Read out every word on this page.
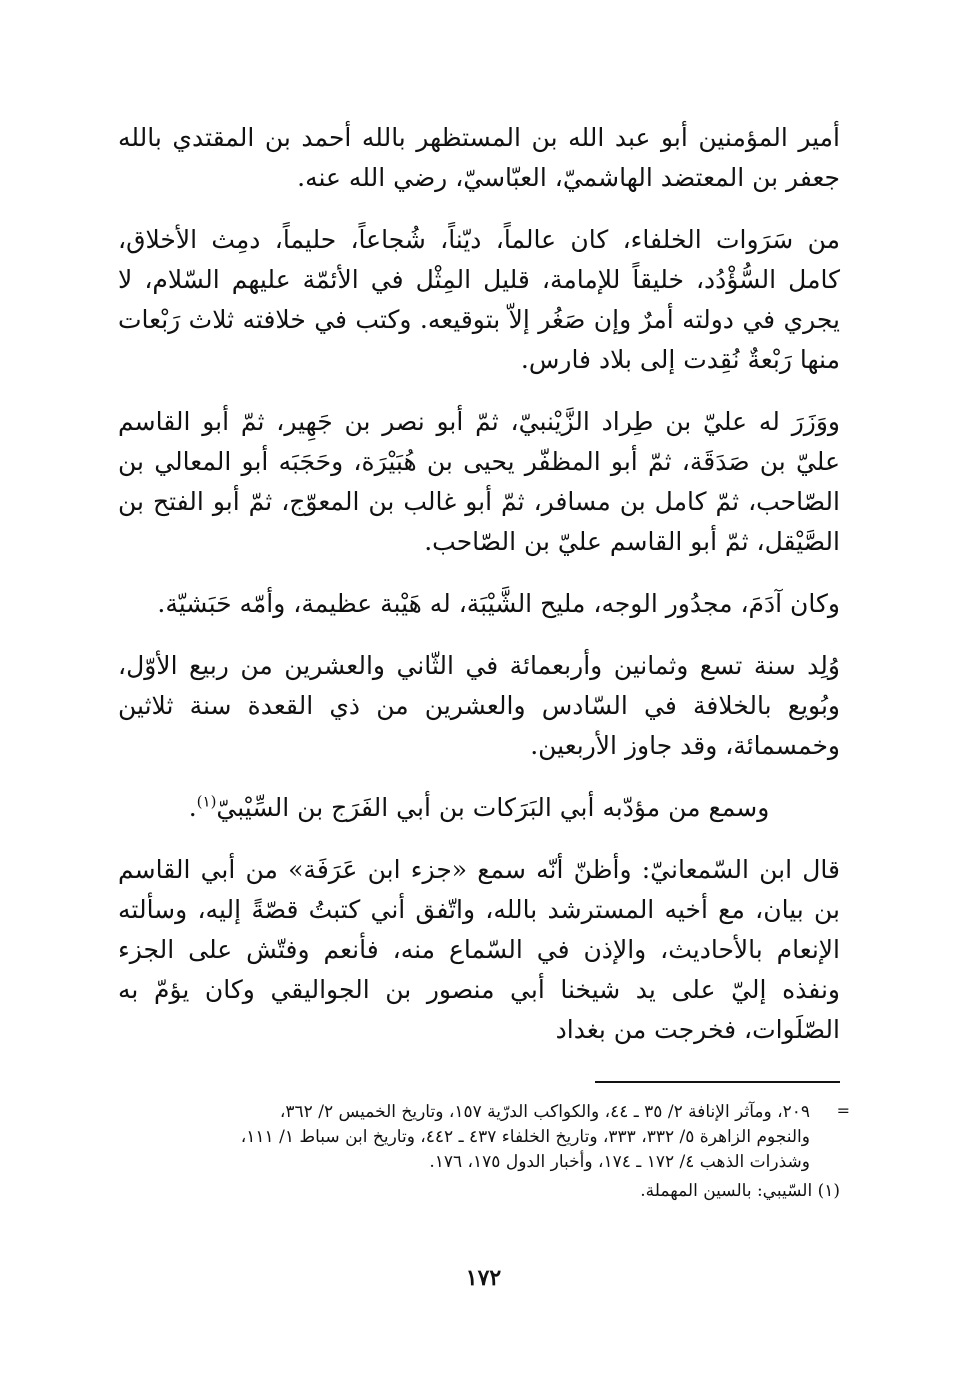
أمير المؤمنين أبو عبد الله بن المستظهر بالله أحمد بن المقتدي بالله جعفر بن المعتضد الهاشميّ، العبّاسيّ، رضي الله عنه.

من سَرَوات الخلفاء، كان عالماً، ديّناً، شُجاعاً، حليماً، دمِث الأخلاق، كامل السُّؤْدُد، خليقاً للإمامة، قليل المِثْل في الأئمّة عليهم السّلام، لا يجري في دولته أمرٌ وإن صَغُر إلاّ بتوقيعه. وكتب في خلافته ثلاث رَبْعات منها رَبْعةٌ نُقِدت إلى بلاد فارس.

ووَزَرَ له عليّ بن طِراد الزَّيْنبيّ، ثمّ أبو نصر بن جَهِير، ثمّ أبو القاسم عليّ بن صَدَقَة، ثمّ أبو المظفّر يحيى بن هُبَيْرَة، وحَجَبَه أبو المعالي بن الصّاحب، ثمّ كامل بن مسافر، ثمّ أبو غالب بن المعوّج، ثمّ أبو الفتح بن الصَّيْقل، ثمّ أبو القاسم عليّ بن الصّاحب.

وكان آدَمَ، مجدُور الوجه، مليح الشَّيْبَة، له هَيْبة عظيمة، وأمّه حَبَشيّة.

وُلِد سنة تسع وثمانين وأربعمائة في الثّاني والعشرين من ربيع الأوّل، وبُويع بالخلافة في السّادس والعشرين من ذي القعدة سنة ثلاثين وخمسمائة، وقد جاوز الأربعين.

وسمع من مؤدّبه أبي البَرَكات بن أبي الفَرَج بن السِّيْبيّ$^{(١)}$.

قال ابن السّمعانيّ: وأظنّ أنّه سمع «جزء ابن عَرَفَة» من أبي القاسم بن بيان، مع أخيه المسترشد بالله، واتّفق أني كتبتُ قصّةً إليه، وسألته الإنعام بالأحاديث، والإذن في السّماع منه، فأنعم وفتّش على الجزء ونفذه إليّ على يد شيخنا أبي منصور بن الجواليقي وكان يؤمّ به الصّلَوات، فخرجت من بغداد

=
٢٠٩، ومآثر الإنافة ٢/ ٣٥ ـ ٤٤، والكواكب الدرّية ١٥٧، وتاريخ الخميس ٢/ ٣٦٢،
والنجوم الزاهرة ٥/ ٣٣٢، ٣٣٣، وتاريخ الخلفاء ٤٣٧ ـ ٤٤٢، وتاريخ ابن سباط ١/ ١١١،
وشذرات الذهب ٤/ ١٧٢ ـ ١٧٤، وأخبار الدول ١٧٥، ١٧٦.

(١) السّيبي: بالسين المهملة.

١٧٢
